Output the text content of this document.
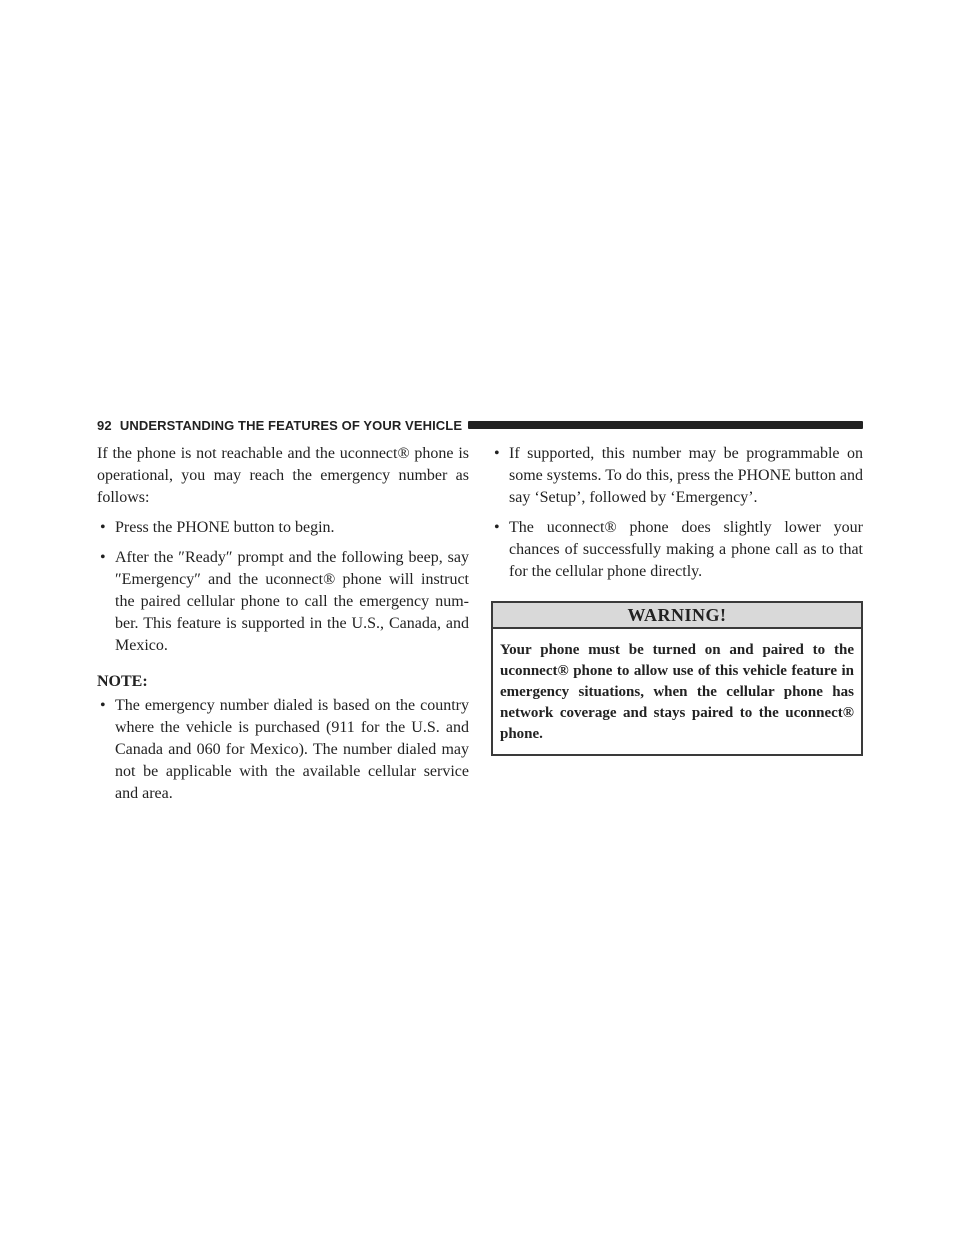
92 UNDERSTANDING THE FEATURES OF YOUR VEHICLE

If the phone is not reachable and the uconnect® phone is operational, you may reach the emergency number as follows:

• Press the PHONE button to begin.
• After the ″Ready″ prompt and the following beep, say ″Emergency″ and the uconnect® phone will instruct the paired cellular phone to call the emergency num-ber. This feature is supported in the U.S., Canada, and Mexico.
NOTE:
• The emergency number dialed is based on the country where the vehicle is purchased (911 for the U.S. and Canada and 060 for Mexico). The number dialed may not be applicable with the available cellular service and area.
• If supported, this number may be programmable on some systems. To do this, press the PHONE button and say ‘Setup’, followed by ‘Emergency’.
• The uconnect® phone does slightly lower your chances of successfully making a phone call as to that for the cellular phone directly.
WARNING!
Your phone must be turned on and paired to the uconnect® phone to allow use of this vehicle feature in emergency situations, when the cellular phone has network coverage and stays paired to the uconnect® phone.
